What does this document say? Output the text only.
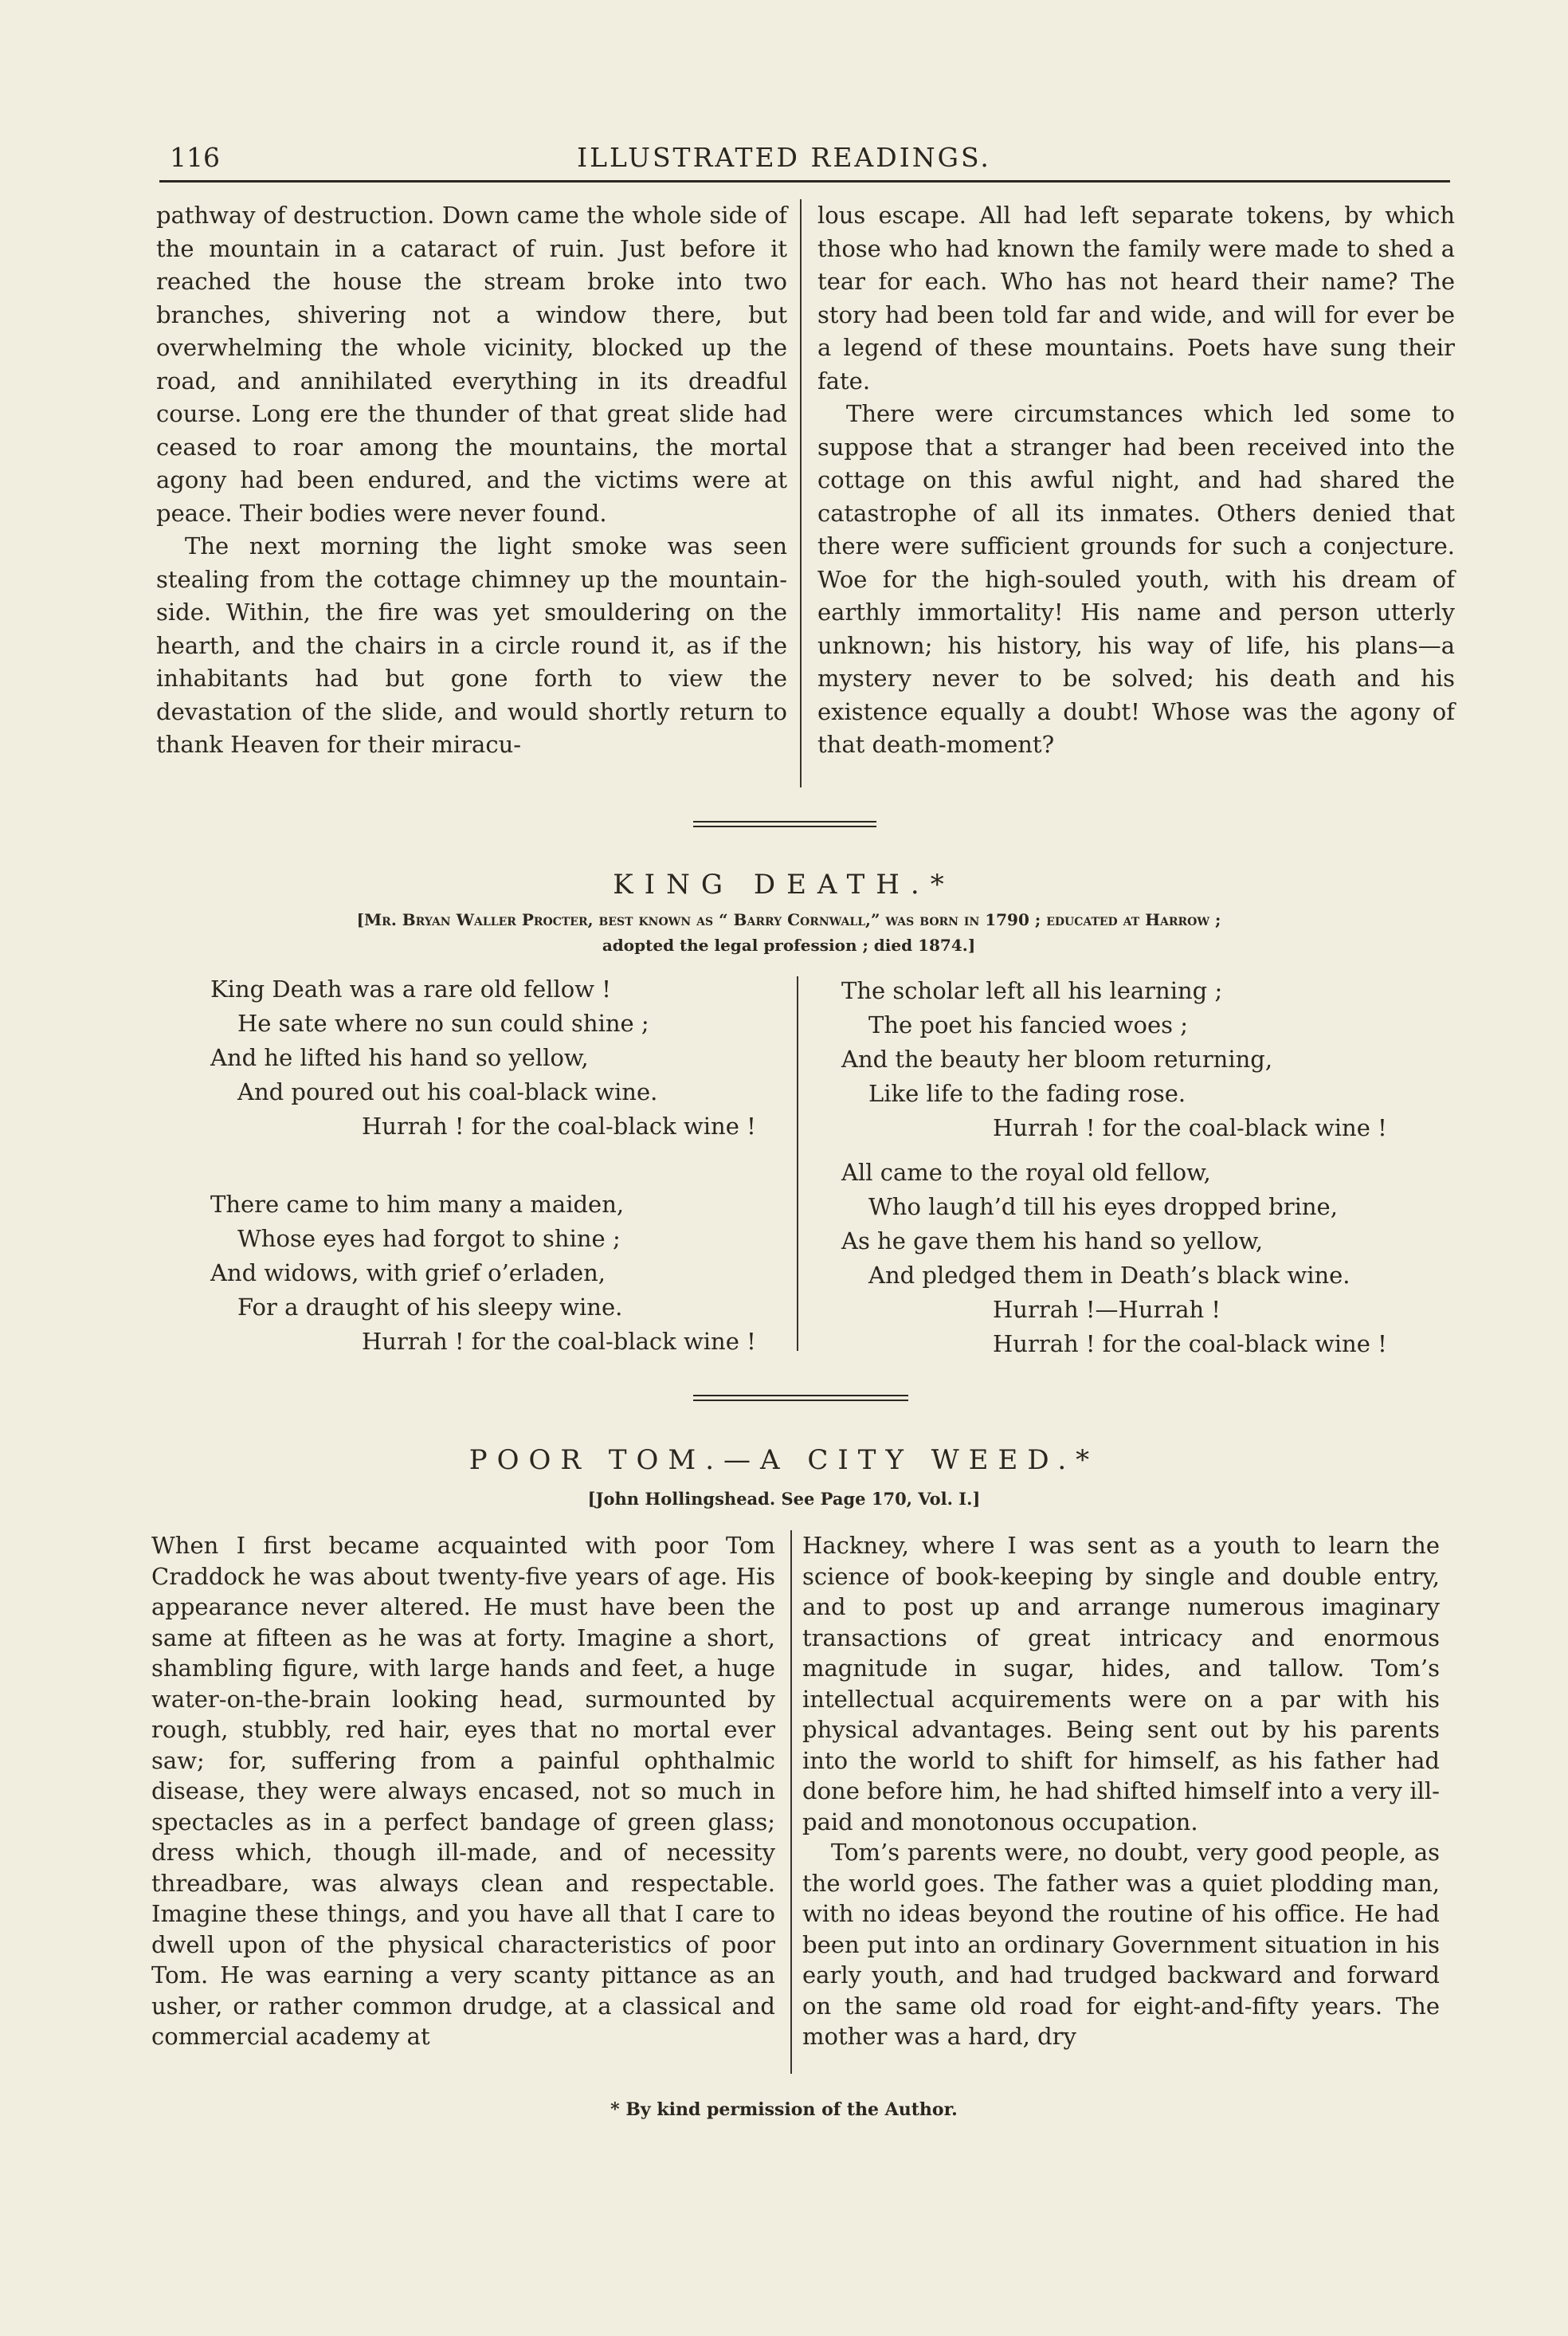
116	ILLUSTRATED READINGS.

pathway of destruction. Down came the whole side of the mountain in a cataract of ruin. Just before it reached the house the stream broke into two branches, shivering not a window there, but overwhelming the whole vicinity, blocked up the road, and annihilated everything in its dreadful course. Long ere the thunder of that great slide had ceased to roar among the mountains, the mortal agony had been endured, and the victims were at peace. Their bodies were never found.

The next morning the light smoke was seen stealing from the cottage chimney up the mountain-side. Within, the fire was yet smouldering on the hearth, and the chairs in a circle round it, as if the inhabitants had but gone forth to view the devastation of the slide, and would shortly return to thank Heaven for their miracu-

lous escape. All had left separate tokens, by which those who had known the family were made to shed a tear for each. Who has not heard their name? The story had been told far and wide, and will for ever be a legend of these mountains. Poets have sung their fate.

There were circumstances which led some to suppose that a stranger had been received into the cottage on this awful night, and had shared the catastrophe of all its inmates. Others denied that there were sufficient grounds for such a conjecture. Woe for the high-souled youth, with his dream of earthly immortality! His name and person utterly unknown; his history, his way of life, his plans—a mystery never to be solved; his death and his existence equally a doubt! Whose was the agony of that death-moment?

KING DEATH.*
[Mr. Bryan Waller Procter, best known as “ Barry Cornwall,” was born in 1790 ; educated at Harrow ;
adopted the legal profession ; died 1874.]
King Death was a rare old fellow !
He sate where no sun could shine ;
And he lifted his hand so yellow,
And poured out his coal-black wine.
Hurrah ! for the coal-black wine !
There came to him many a maiden,
Whose eyes had forgot to shine ;
And widows, with grief o’erladen,
For a draught of his sleepy wine.
Hurrah ! for the coal-black wine !
The scholar left all his learning ;
The poet his fancied woes ;
And the beauty her bloom returning,
Like life to the fading rose.
Hurrah ! for the coal-black wine !
All came to the royal old fellow,
Who laugh’d till his eyes dropped brine,
As he gave them his hand so yellow,
And pledged them in Death’s black wine.
Hurrah !—Hurrah !
Hurrah ! for the coal-black wine !
POOR TOM.—A CITY WEED.*
[John Hollingshead. See Page 170, Vol. I.]

When I first became acquainted with poor Tom Craddock he was about twenty-five years of age. His appearance never altered. He must have been the same at fifteen as he was at forty. Imagine a short, shambling figure, with large hands and feet, a huge water-on-the-brain looking head, surmounted by rough, stubbly, red hair, eyes that no mortal ever saw; for, suffering from a painful ophthalmic disease, they were always encased, not so much in spectacles as in a perfect bandage of green glass; dress which, though ill-made, and of necessity threadbare, was always clean and respectable. Imagine these things, and you have all that I care to dwell upon of the physical characteristics of poor Tom. He was earning a very scanty pittance as an usher, or rather common drudge, at a classical and commercial academy at

Hackney, where I was sent as a youth to learn the science of book-keeping by single and double entry, and to post up and arrange numerous imaginary transactions of great intricacy and enormous magnitude in sugar, hides, and tallow. Tom’s intellectual acquirements were on a par with his physical advantages. Being sent out by his parents into the world to shift for himself, as his father had done before him, he had shifted himself into a very ill-paid and monotonous occupation.

Tom’s parents were, no doubt, very good people, as the world goes. The father was a quiet plodding man, with no ideas beyond the routine of his office. He had been put into an ordinary Government situation in his early youth, and had trudged backward and forward on the same old road for eight-and-fifty years. The mother was a hard, dry

* By kind permission of the Author.
